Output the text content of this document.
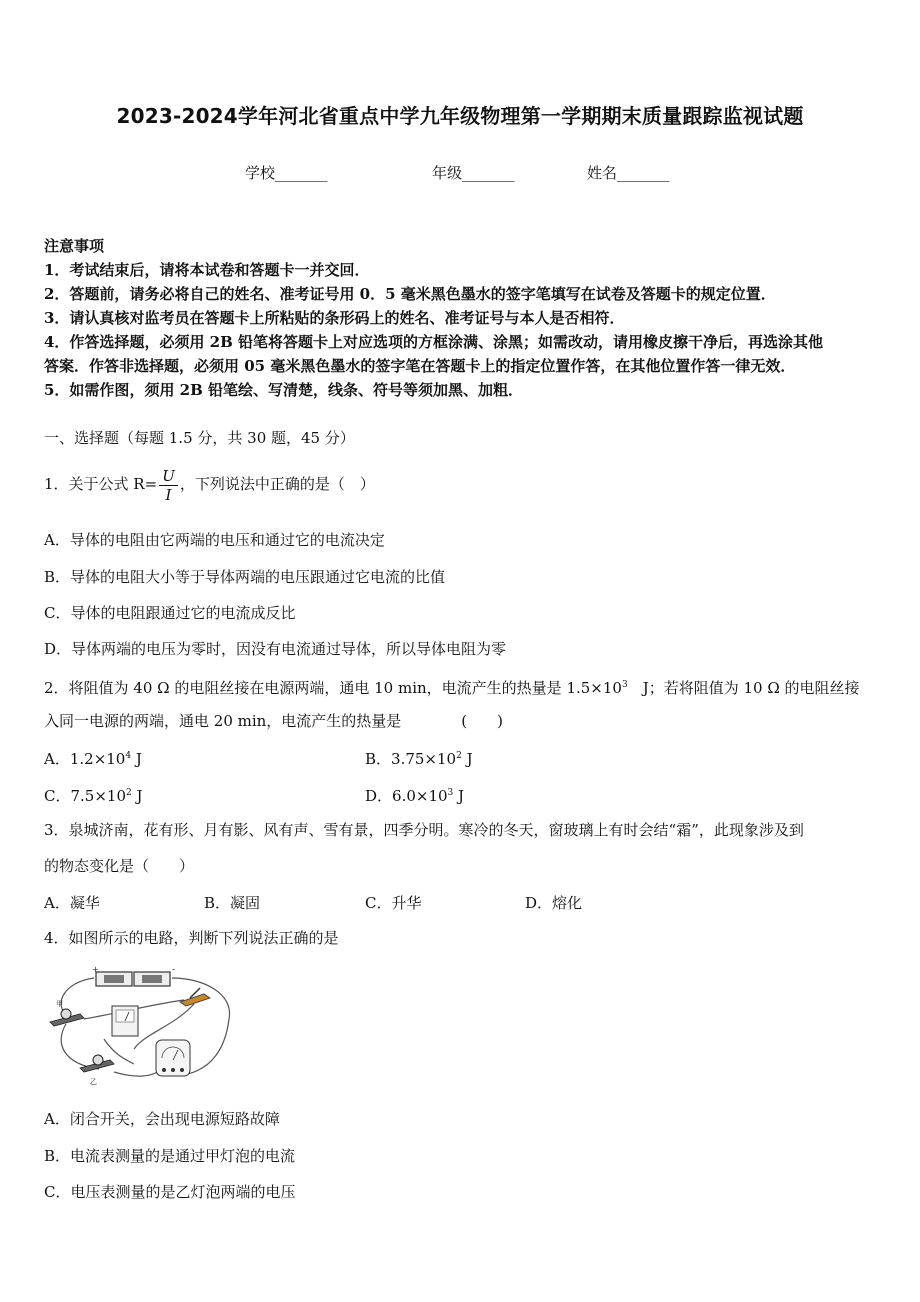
2023-2024学年河北省重点中学九年级物理第一学期期末质量跟踪监视试题
学校_______	年级_______	姓名_______
注意事项
1．考试结束后，请将本试卷和答题卡一并交回．
2．答题前，请务必将自己的姓名、准考证号用 0．5 毫米黑色墨水的签字笔填写在试卷及答题卡的规定位置．
3．请认真核对监考员在答题卡上所粘贴的条形码上的姓名、准考证号与本人是否相符．
4．作答选择题，必须用 2B 铅笔将答题卡上对应选项的方框涂满、涂黑；如需改动，请用橡皮擦干净后，再选涂其他
答案．作答非选择题，必须用 05 毫米黑色墨水的签字笔在答题卡上的指定位置作答，在其他位置作答一律无效．
5．如需作图，须用 2B 铅笔绘、写清楚，线条、符号等须加黑、加粗．
一、选择题（每题 1.5 分，共 30 题，45 分）
1．关于公式 $R= \frac{U}{I}$ ，下列说法中正确的是（　）
A．导体的电阻由它两端的电压和通过它的电流决定
B．导体的电阻大小等于导体两端的电压跟通过它电流的比值
C．导体的电阻跟通过它的电流成反比
D．导体两端的电压为零时，因没有电流通过导体，所以导体电阻为零
2．将阻值为 40 Ω 的电阻丝接在电源两端，通电 10 min，电流产生的热量是 $1.5\times 10^3$　J；若将阻值为 10 Ω 的电阻丝接
入同一电源的两端，通电 20 min，电流产生的热量是　　　　(　　)
A．$1.2\times 10^4$ J	B．$3.75\times 10^2$ J
C．$7.5\times 10^2$ J	D．$6.0\times 10^3$ J
3．泉城济南，花有形、月有影、风有声、雪有景，四季分明。寒冷的冬天，窗玻璃上有时会结“霜”，此现象涉及到
的物态变化是（　　）
A．凝华	B．凝固	C．升华	D．熔化
4．如图所示的电路，判断下列说法正确的是
+	-
甲
乙
A．闭合开关，会出现电源短路故障
B．电流表测量的是通过甲灯泡的电流
C．电压表测量的是乙灯泡两端的电压
